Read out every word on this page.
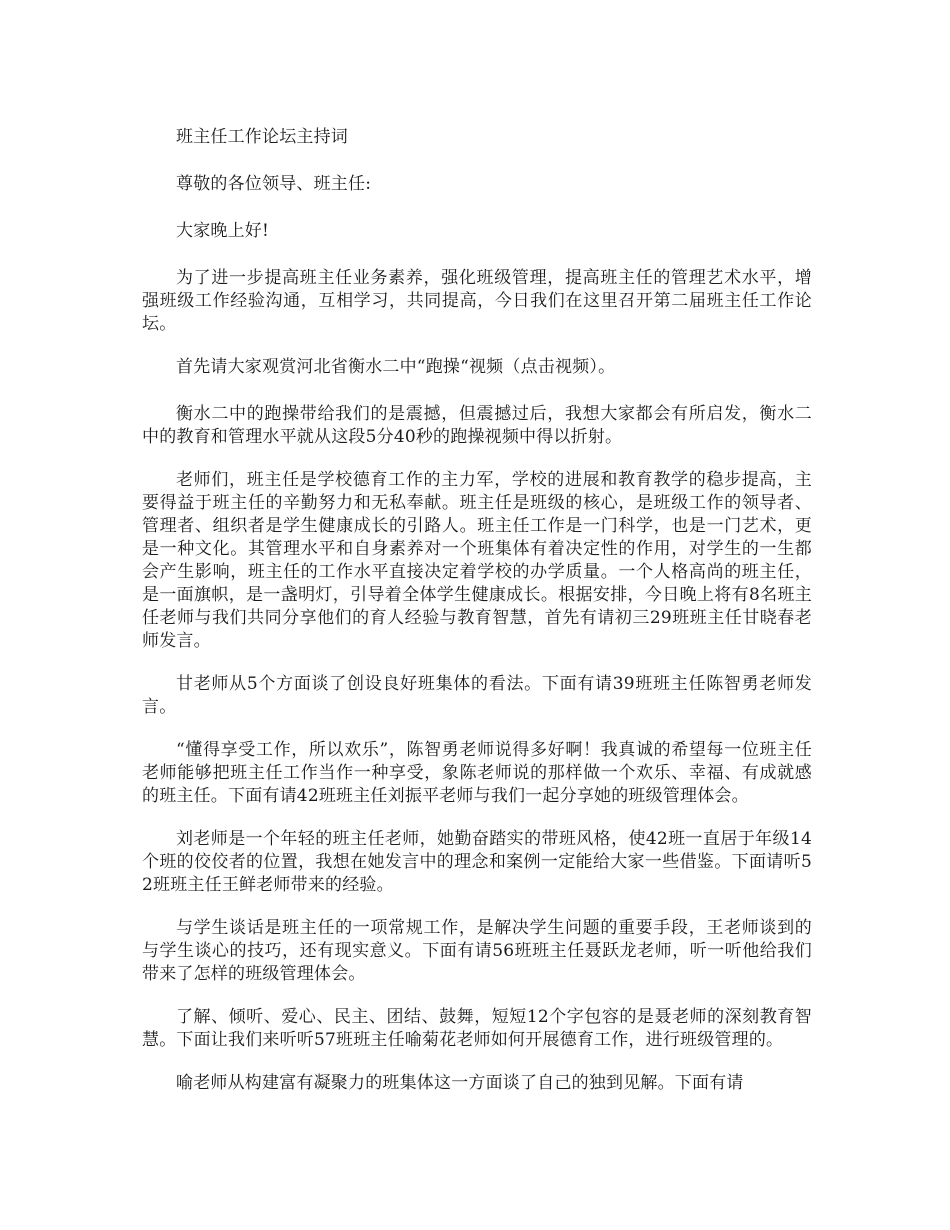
班主任工作论坛主持词

尊敬的各位领导、班主任:

大家晚上好!

为了进一步提高班主任业务素养，强化班级管理，提高班主任的管理艺术水平，增强班级工作经验沟通，互相学习，共同提高，今日我们在这里召开第二届班主任工作论坛。

首先请大家观赏河北省衡水二中“跑操“视频（点击视频）。

衡水二中的跑操带给我们的是震撼，但震撼过后，我想大家都会有所启发，衡水二中的教育和管理水平就从这段5分40秒的跑操视频中得以折射。

老师们，班主任是学校德育工作的主力军，学校的进展和教育教学的稳步提高，主要得益于班主任的辛勤努力和无私奉献。班主任是班级的核心，是班级工作的领导者、管理者、组织者是学生健康成长的引路人。班主任工作是一门科学，也是一门艺术，更是一种文化。其管理水平和自身素养对一个班集体有着决定性的作用，对学生的一生都会产生影响，班主任的工作水平直接决定着学校的办学质量。一个人格高尚的班主任，是一面旗帜，是一盏明灯，引导着全体学生健康成长。根据安排，今日晚上将有8名班主任老师与我们共同分享他们的育人经验与教育智慧，首先有请初三29班班主任甘晓春老师发言。

甘老师从5个方面谈了创设良好班集体的看法。下面有请39班班主任陈智勇老师发言。

“懂得享受工作，所以欢乐”，陈智勇老师说得多好啊！我真诚的希望每一位班主任老师能够把班主任工作当作一种享受，象陈老师说的那样做一个欢乐、幸福、有成就感的班主任。下面有请42班班主任刘振平老师与我们一起分享她的班级管理体会。

刘老师是一个年轻的班主任老师，她勤奋踏实的带班风格，使42班一直居于年级14个班的佼佼者的位置，我想在她发言中的理念和案例一定能给大家一些借鉴。下面请听52班班主任王鲜老师带来的经验。

与学生谈话是班主任的一项常规工作，是解决学生问题的重要手段，王老师谈到的与学生谈心的技巧，还有现实意义。下面有请56班班主任聂跃龙老师，听一听他给我们带来了怎样的班级管理体会。

了解、倾听、爱心、民主、团结、鼓舞，短短12个字包容的是聂老师的深刻教育智慧。下面让我们来听听57班班主任喻菊花老师如何开展德育工作，进行班级管理的。

喻老师从构建富有凝聚力的班集体这一方面谈了自己的独到见解。下面有请
